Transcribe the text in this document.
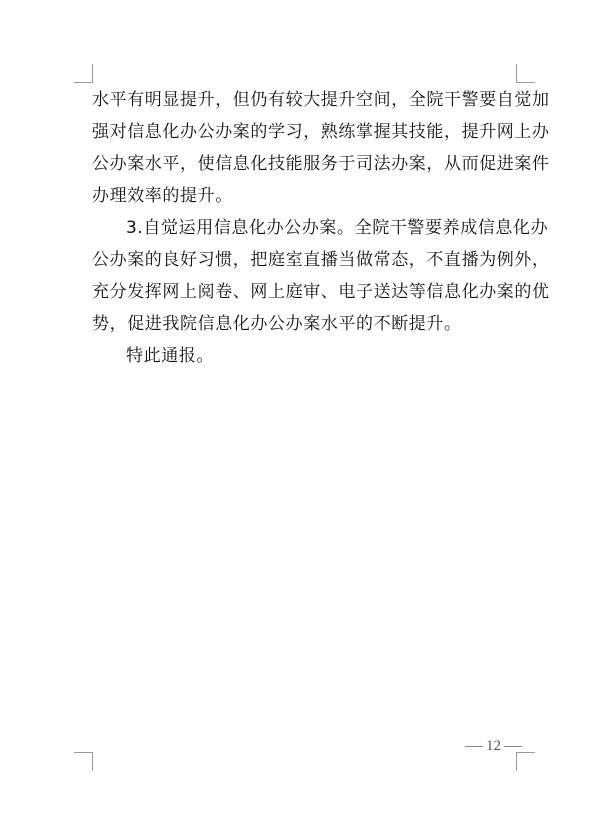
水平有明显提升，但仍有较大提升空间，全院干警要自觉加
强对信息化办公办案的学习，熟练掌握其技能，提升网上办
公办案水平，使信息化技能服务于司法办案，从而促进案件
办理效率的提升。
3.自觉运用信息化办公办案。全院干警要养成信息化办
公办案的良好习惯，把庭室直播当做常态，不直播为例外，
充分发挥网上阅卷、网上庭审、电子送达等信息化办案的优
势，促进我院信息化办公办案水平的不断提升。
特此通报。
12
